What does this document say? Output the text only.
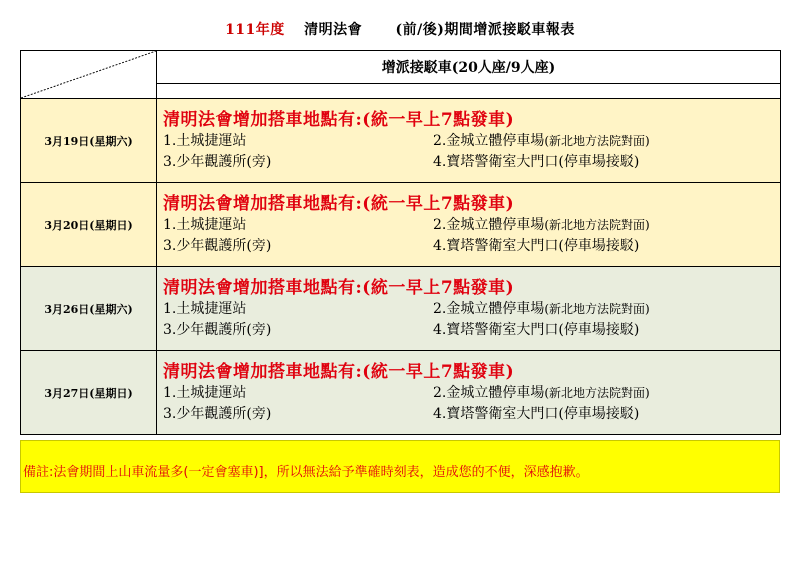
111年度 清明法會 (前/後)期間增派接駁車報表
	增派接駁車(20人座/9人座)

3月19日(星期六)	清明法會增加搭車地點有:(統一早上7點發車)
1.土城捷運站 2.金城立體停車場(新北地方法院對面)
3.少年觀護所(旁) 4.寶塔警衛室大門口(停車場接駁)

3月20日(星期日)	清明法會增加搭車地點有:(統一早上7點發車)
1.土城捷運站 2.金城立體停車場(新北地方法院對面)
3.少年觀護所(旁) 4.寶塔警衛室大門口(停車場接駁)

3月26日(星期六)	清明法會增加搭車地點有:(統一早上7點發車)
1.土城捷運站 2.金城立體停車場(新北地方法院對面)
3.少年觀護所(旁) 4.寶塔警衛室大門口(停車場接駁)

3月27日(星期日)	清明法會增加搭車地點有:(統一早上7點發車)
1.土城捷運站 2.金城立體停車場(新北地方法院對面)
3.少年觀護所(旁) 4.寶塔警衛室大門口(停車場接駁)
備註:法會期間上山車流量多(一定會塞車)]，所以無法給予準確時刻表，造成您的不便，深感抱歉。
